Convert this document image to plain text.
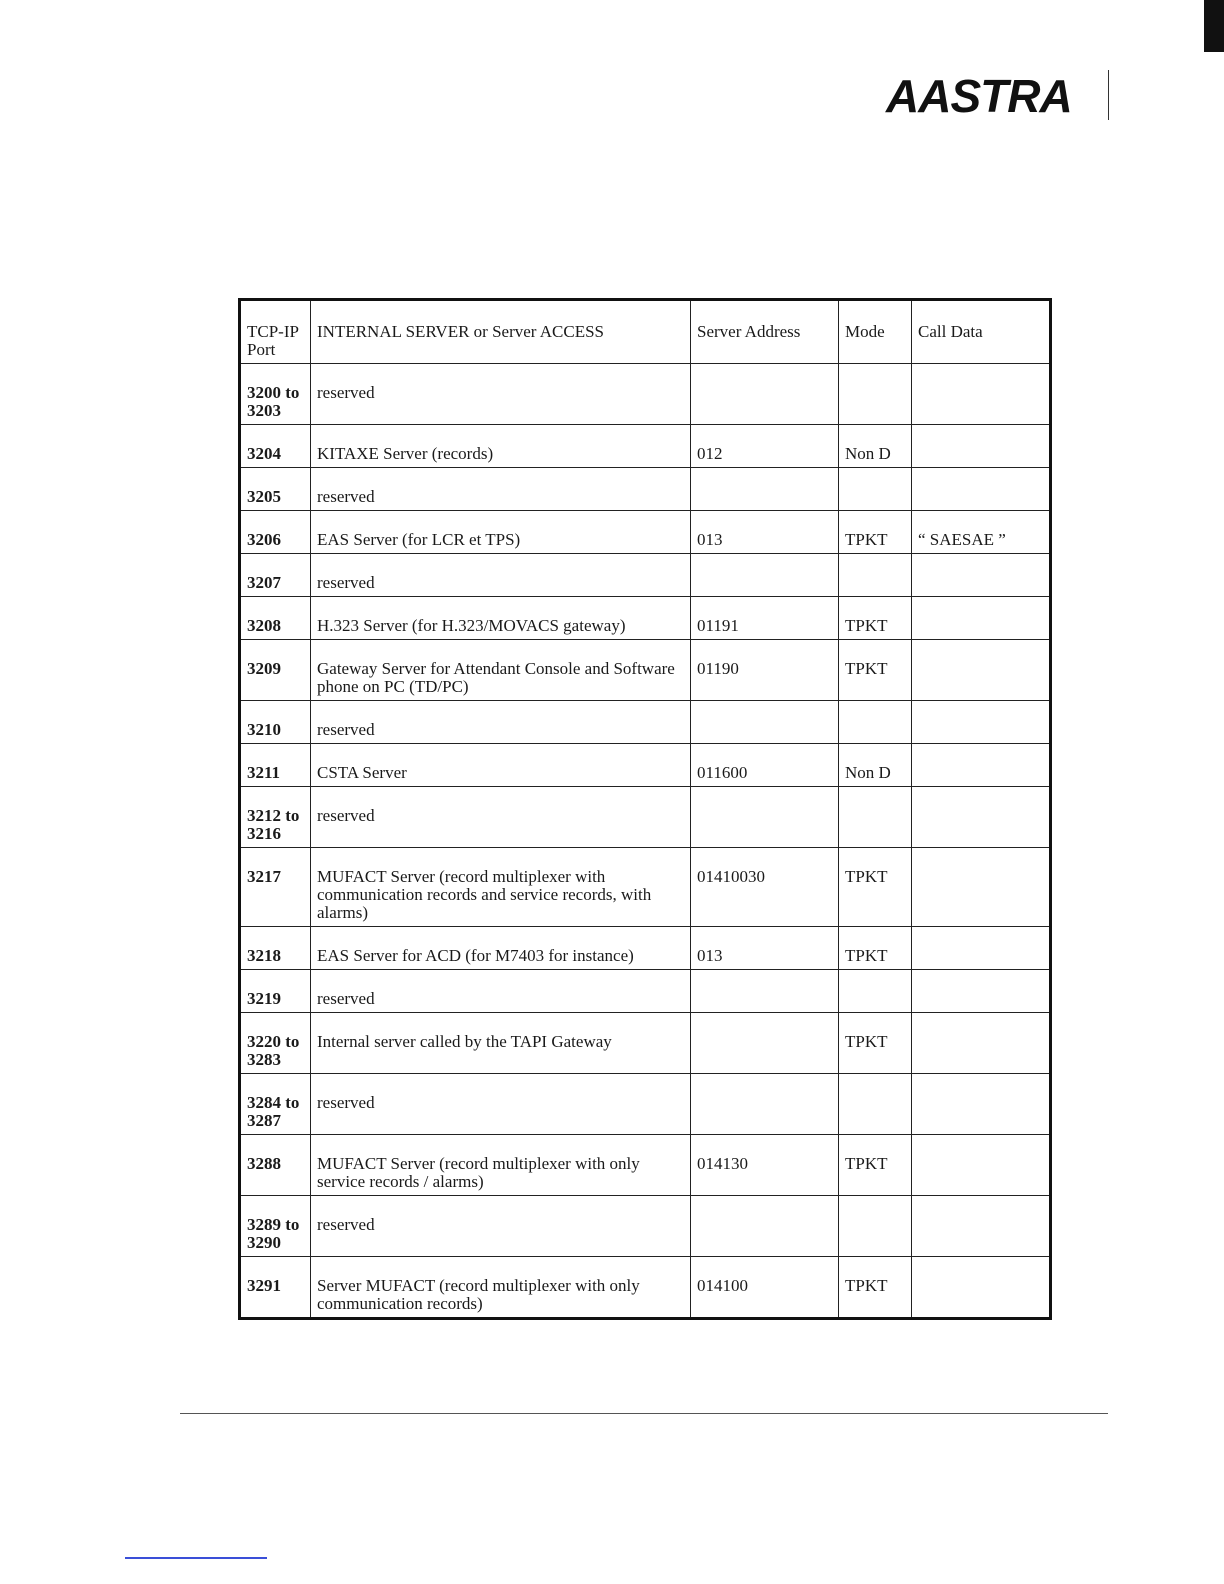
AASTRA
TCP-IP Port	INTERNAL SERVER or Server ACCESS	Server Address	Mode	Call Data
3200 to 3203	reserved			
3204	KITAXE Server (records)	012	Non D	
3205	reserved			
3206	EAS Server (for LCR et TPS)	013	TPKT	“ SAESAE ”
3207	reserved			
3208	H.323 Server (for H.323/MOVACS gateway)	01191	TPKT	
3209	Gateway Server for Attendant Console and Software phone on PC (TD/PC)	01190	TPKT	
3210	reserved			
3211	CSTA Server	011600	Non D	
3212 to 3216	reserved			
3217	MUFACT Server (record multiplexer with communication records and service records, with alarms)	01410030	TPKT	
3218	EAS Server for ACD (for M7403 for instance)	013	TPKT	
3219	reserved			
3220 to 3283	Internal server called by the TAPI Gateway		TPKT	
3284 to 3287	reserved			
3288	MUFACT Server (record multiplexer with only service records / alarms)	014130	TPKT	
3289 to 3290	reserved			
3291	Server MUFACT (record multiplexer with only communication records)	014100	TPKT	
